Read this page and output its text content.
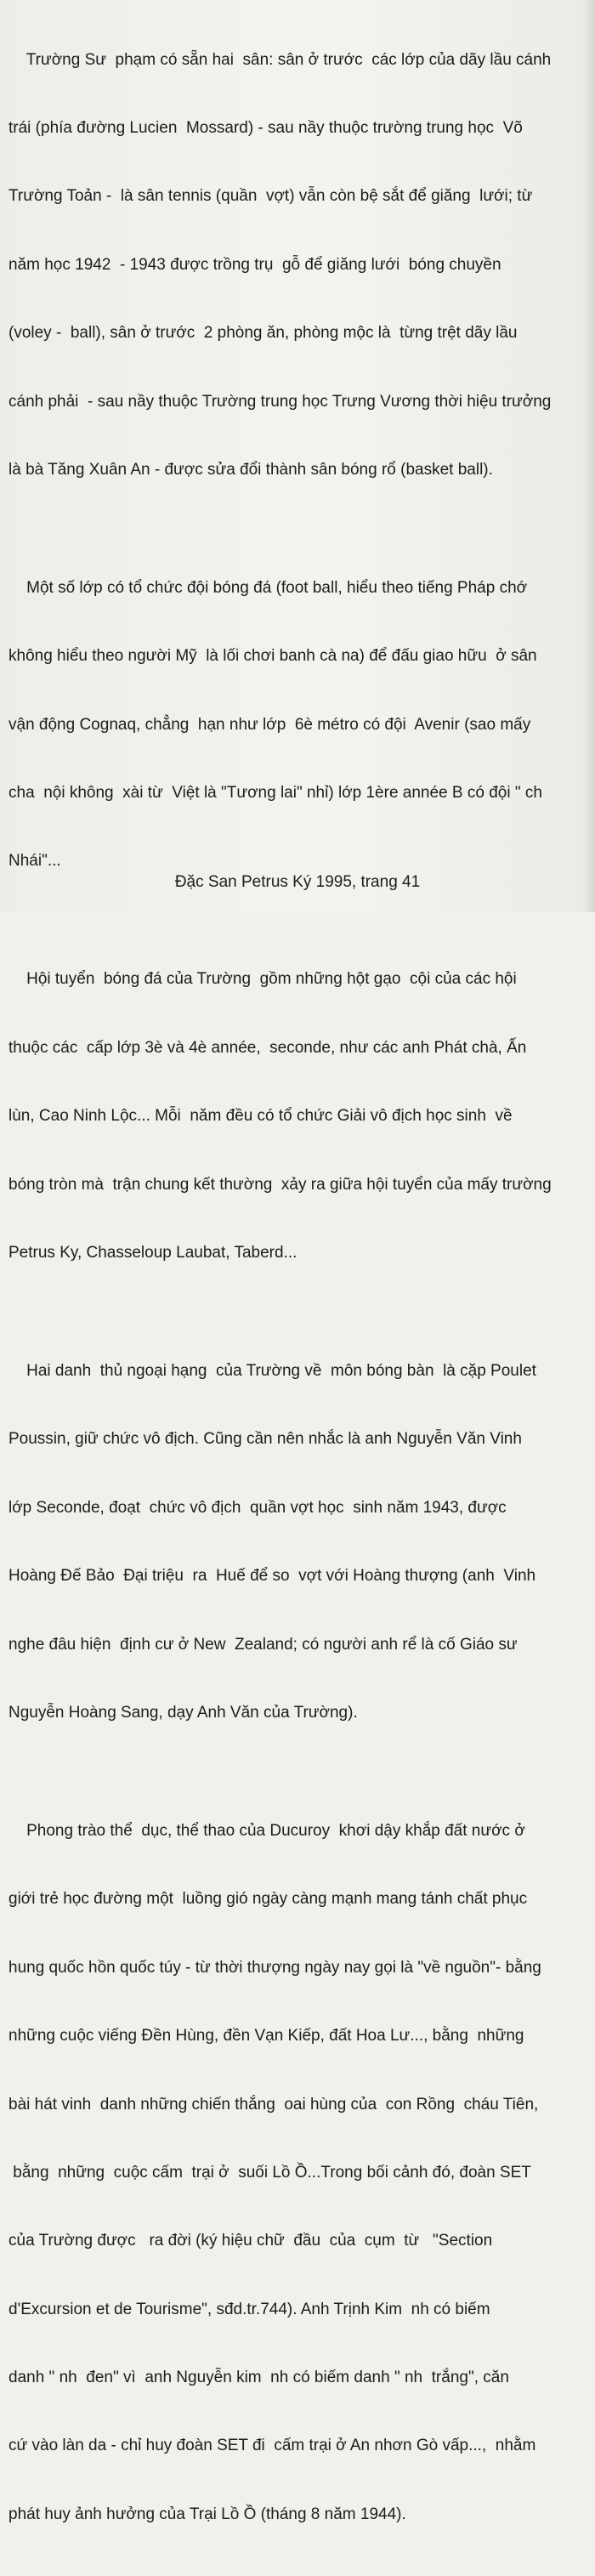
Trường Sư  phạm có sẵn hai  sân: sân ở trước  các lớp của dãy lầu cánh

trái (phía đường Lucien  Mossard) - sau nầy thuộc trường trung học  Võ

Trường Toản -  là sân tennis (quần  vợt) vẫn còn bệ sắt để giăng  lưới; từ

năm học 1942  - 1943 được trồng trụ  gỗ để giăng lưới  bóng chuyền

(voley -  ball), sân ở trước  2 phòng ăn, phòng mộc là  từng trệt dãy lầu

cánh phải  - sau nầy thuộc Trường trung học Trưng Vương thời hiệu trưởng

là bà Tăng Xuân An - được sửa đổi thành sân bóng rổ (basket ball).

Một số lớp có tổ chức đội bóng đá (foot ball, hiểu theo tiếng Pháp chớ

không hiểu theo người Mỹ  là lối chơi banh cà na) để đấu giao hữu  ở sân

vận động Cognaq, chẳng  hạn như lớp  6è métro có đội  Avenir (sao mấy

cha  nội không  xài từ  Việt là "Tương lai" nhỉ) lớp 1ère année B có đội " ch

Nhái"...

Hội tuyển  bóng đá của Trường  gồm những hột gạo  cội của các hội

thuộc các  cấp lớp 3è và 4è année,  seconde, như các anh Phát chà, Ấn

lùn, Cao Ninh Lộc... Mỗi  năm đều có tổ chức Giải vô địch học sinh  về

bóng tròn mà  trận chung kết thường  xảy ra giữa hội tuyển của mấy trường

Petrus Ky, Chasseloup Laubat, Taberd...

Hai danh  thủ ngoại hạng  của Trường về  môn bóng bàn  là cặp Poulet

Poussin, giữ chức vô địch. Cũng cần nên nhắc là anh Nguyễn Văn Vinh

lớp Seconde, đoạt  chức vô địch  quần vợt học  sinh năm 1943, được

Hoàng Đế Bảo  Đại triệu  ra  Huế để so  vợt với Hoàng thượng (anh  Vinh

nghe đâu hiện  định cư ở New  Zealand; có người anh rể là cố Giáo sư

Nguyễn Hoàng Sang, dạy Anh Văn của Trường).

Phong trào thể  dục, thể thao của Ducuroy  khơi dậy khắp đất nước ở

giới trẻ học đường một  luồng gió ngày càng mạnh mang tánh chất phục

hung quốc hồn quốc túy - từ thời thượng ngày nay gọi là "về nguồn"- bằng

những cuộc viếng Đền Hùng, đền Vạn Kiếp, đất Hoa Lư..., bằng  những

bài hát vinh  danh những chiến thắng  oai hùng của  con Rồng  cháu Tiên,

bằng  những  cuộc cấm  trại ở  suối Lồ Ồ...Trong bối cảnh đó, đoàn SET

của Trường được   ra đời (ký hiệu chữ  đầu  của  cụm  từ   "Section

d'Excursion et de Tourisme", sđd.tr.744). Anh Trịnh Kim  nh có biếm

danh " nh  đen" vì  anh Nguyễn kim  nh có biếm danh " nh  trắng", căn

cứ vào làn da - chỉ huy đoàn SET đi  cấm trại ở An nhơn Gò vấp...,  nhằm

phát huy ảnh hưởng của Trại Lồ Ồ (tháng 8 năm 1944).

Đặc San Petrus Ký 1995, trang 41
